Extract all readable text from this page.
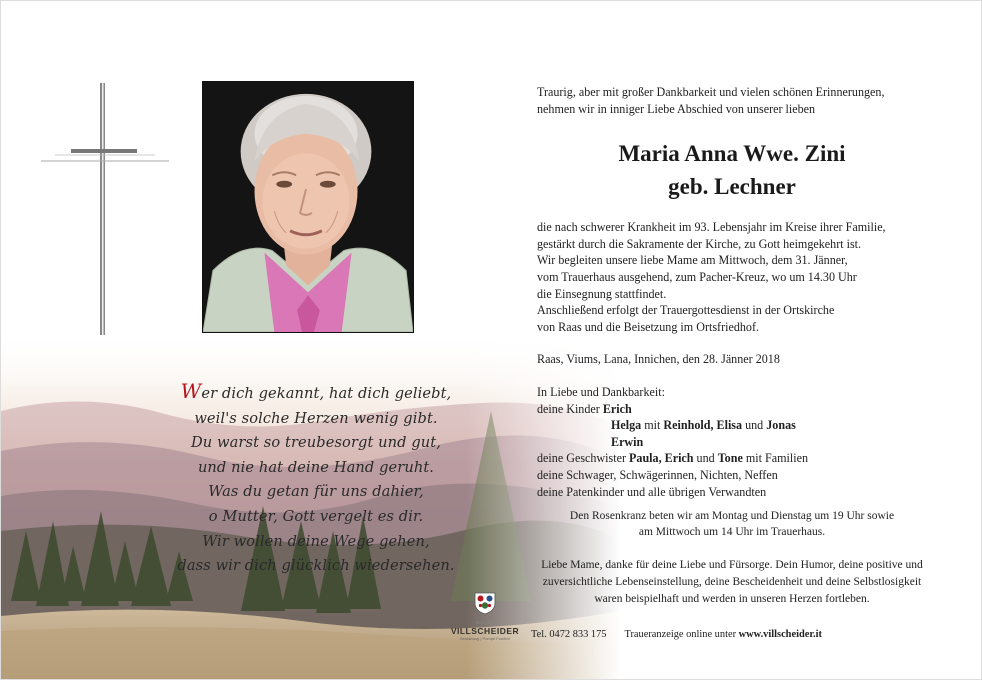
Wer dich gekannt, hat dich geliebt,
weil's solche Herzen wenig gibt.
Du warst so treubesorgt und gut,
und nie hat deine Hand geruht.
Was du getan für uns dahier,
o Mutter, Gott vergelt es dir.
Wir wollen deine Wege gehen,
dass wir dich glücklich wiedersehen.
SEIT 1973
VILLSCHEIDER
Bestattung | Pompe Funebri
Traurig, aber mit großer Dankbarkeit und vielen schönen Erinnerungen,
nehmen wir in inniger Liebe Abschied von unserer lieben
Maria Anna Wwe. Zini
geb. Lechner
die nach schwerer Krankheit im 93. Lebensjahr im Kreise ihrer Familie,
gestärkt durch die Sakramente der Kirche, zu Gott heimgekehrt ist.
Wir begleiten unsere liebe Mame am Mittwoch, dem 31. Jänner,
vom Trauerhaus ausgehend, zum Pacher-Kreuz, wo um 14.30 Uhr
die Einsegnung stattfindet.
Anschließend erfolgt der Trauergottesdienst in der Ortskirche
von Raas und die Beisetzung im Ortsfriedhof.
Raas, Viums, Lana, Innichen, den 28. Jänner 2018
In Liebe und Dankbarkeit:
deine Kinder Erich
Helga mit Reinhold, Elisa und Jonas
Erwin
deine Geschwister Paula, Erich und Tone mit Familien
deine Schwager, Schwägerinnen, Nichten, Neffen
deine Patenkinder und alle übrigen Verwandten
Den Rosenkranz beten wir am Montag und Dienstag um 19 Uhr sowie
am Mittwoch um 14 Uhr im Trauerhaus.
Liebe Mame, danke für deine Liebe und Fürsorge. Dein Humor, deine positive und
zuversichtliche Lebenseinstellung, deine Bescheidenheit und deine Selbstlosigkeit
waren beispielhaft und werden in unseren Herzen fortleben.
Tel. 0472 833 175 Traueranzeige online unter www.villscheider.it
